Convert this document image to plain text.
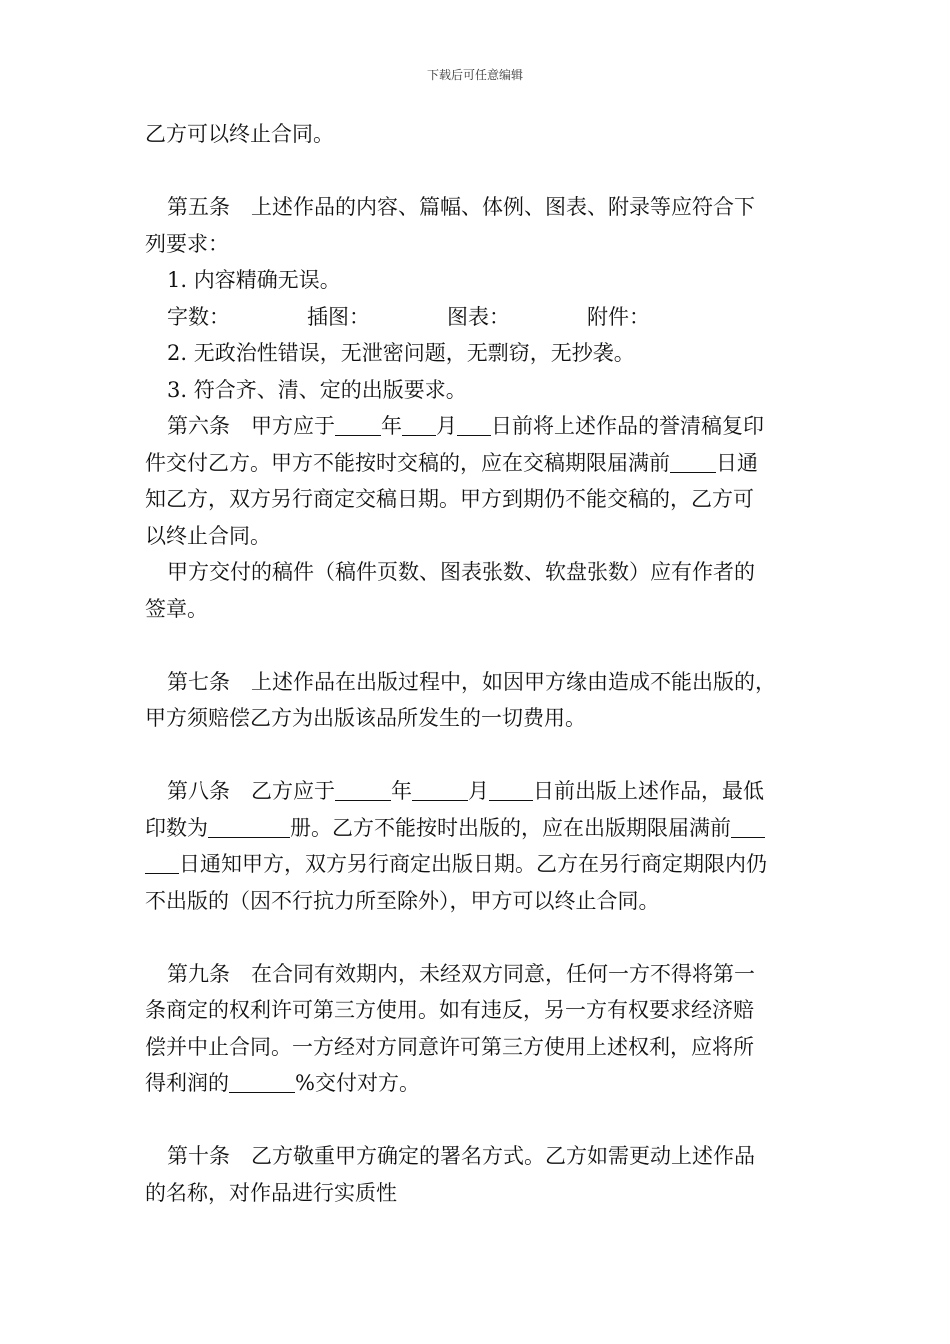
下载后可任意编辑

乙方可以终止合同。

第五条　上述作品的内容、篇幅、体例、图表、附录等应符合下

列要求：

1. 内容精确无误。

字数：	插图：	图表：	附件：

2. 无政治性错误，无泄密问题，无剽窃，无抄袭。

3. 符合齐、清、定的出版要求。

第六条　甲方应于 年 月 日前将上述作品的誉清稿复印

件交付乙方。甲方不能按时交稿的，应在交稿期限届满前 日通

知乙方，双方另行商定交稿日期。甲方到期仍不能交稿的，乙方可

以终止合同。

甲方交付的稿件（稿件页数、图表张数、软盘张数）应有作者的

签章。

第七条　上述作品在出版过程中，如因甲方缘由造成不能出版的，

甲方须赔偿乙方为出版该品所发生的一切费用。

第八条　乙方应于	年	月 日前出版上述作品，最低

印数为	册。乙方不能按时出版的，应在出版期限届满前

日通知甲方，双方另行商定出版日期。乙方在另行商定期限内仍

不出版的（因不行抗力所至除外），甲方可以终止合同。

第九条　在合同有效期内，未经双方同意，任何一方不得将第一

条商定的权利许可第三方使用。如有违反，另一方有权要求经济赔

偿并中止合同。一方经对方同意许可第三方使用上述权利，应将所

得利润的	%交付对方。

第十条　乙方敬重甲方确定的署名方式。乙方如需更动上述作品

的名称，对作品进行实质性
